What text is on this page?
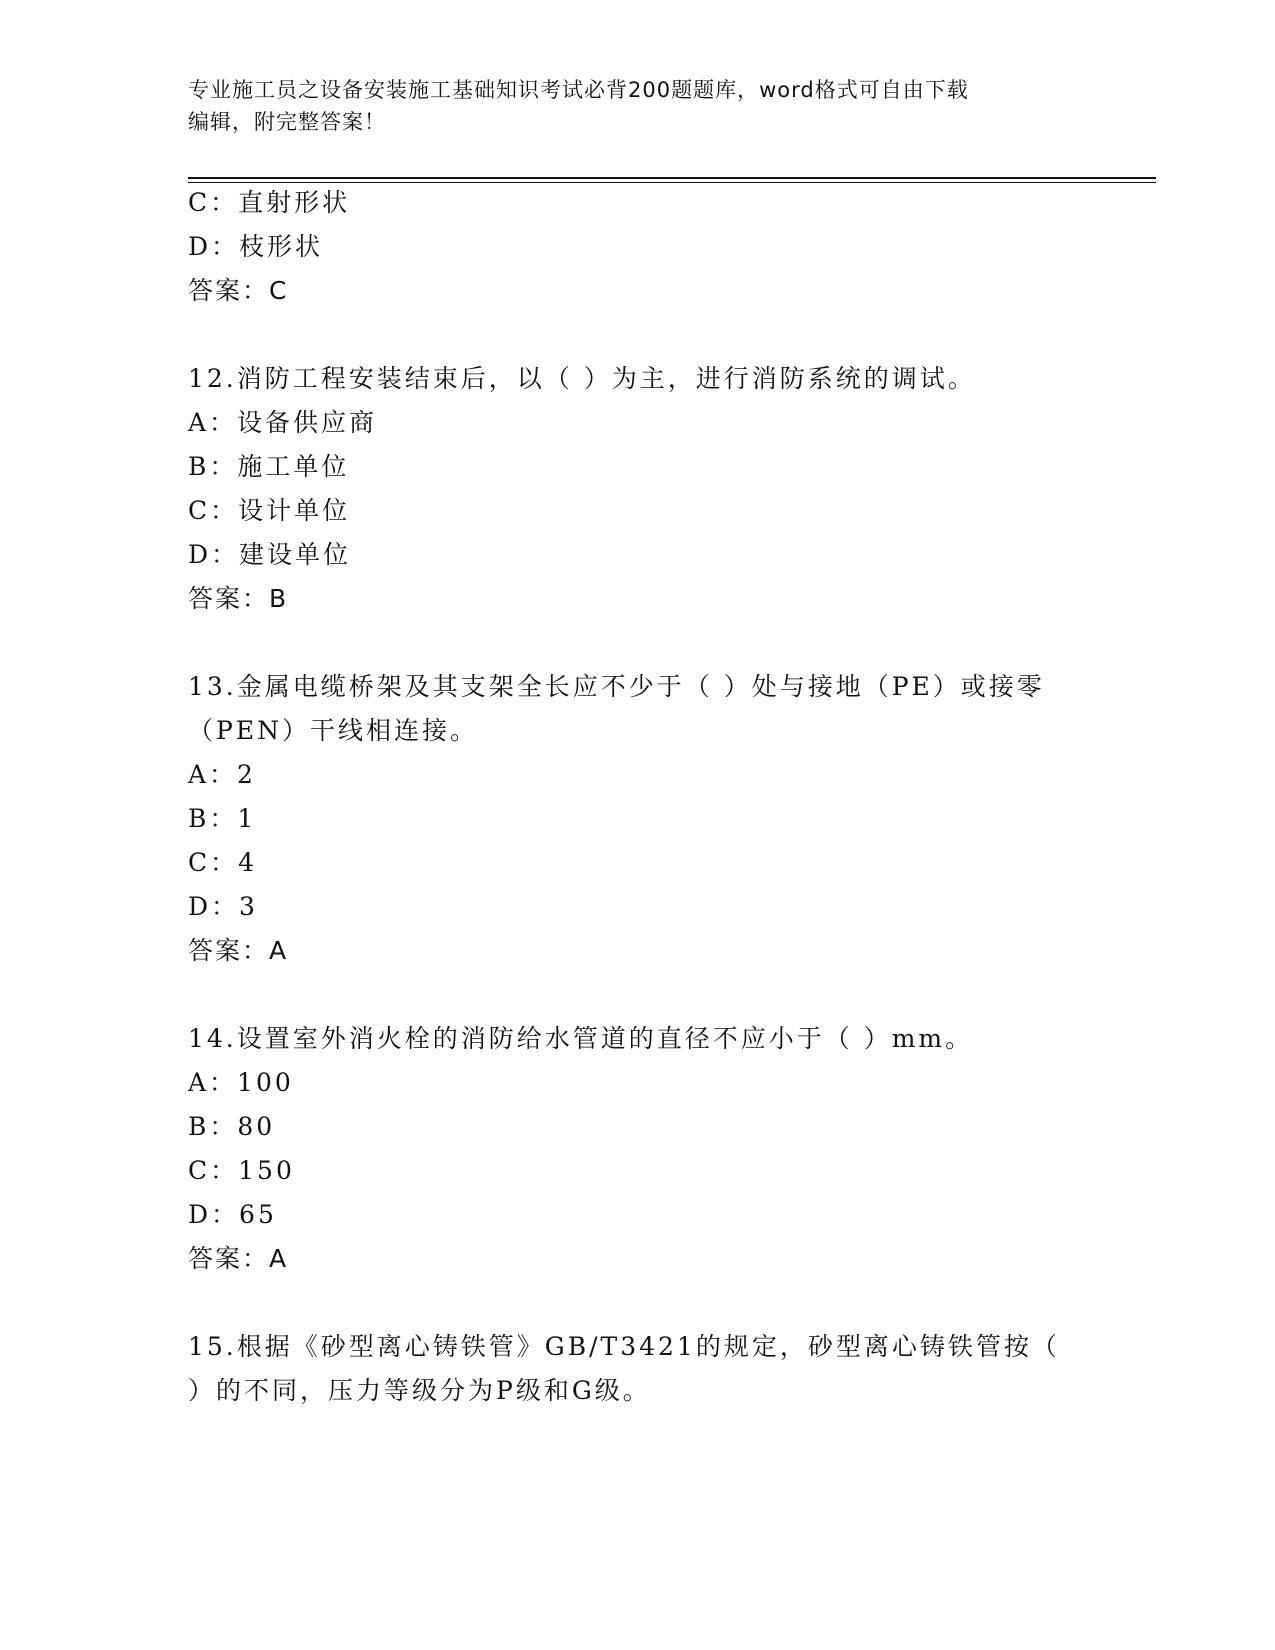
专业施工员之设备安装施工基础知识考试必背200题题库，word格式可自由下载
编辑，附完整答案！
C：直射形状
D：枝形状
答案：C
12.消防工程安装结束后，以（ ）为主，进行消防系统的调试。
A：设备供应商
B：施工单位
C：设计单位
D：建设单位
答案：B
13.金属电缆桥架及其支架全长应不少于（ ）处与接地（PE）或接零
（PEN）干线相连接。
A：2
B：1
C：4
D：3
答案：A
14.设置室外消火栓的消防给水管道的直径不应小于（ ）mm。
A：100
B：80
C：150
D：65
答案：A
15.根据《砂型离心铸铁管》GB/T3421的规定，砂型离心铸铁管按（
）的不同，压力等级分为P级和G级。
